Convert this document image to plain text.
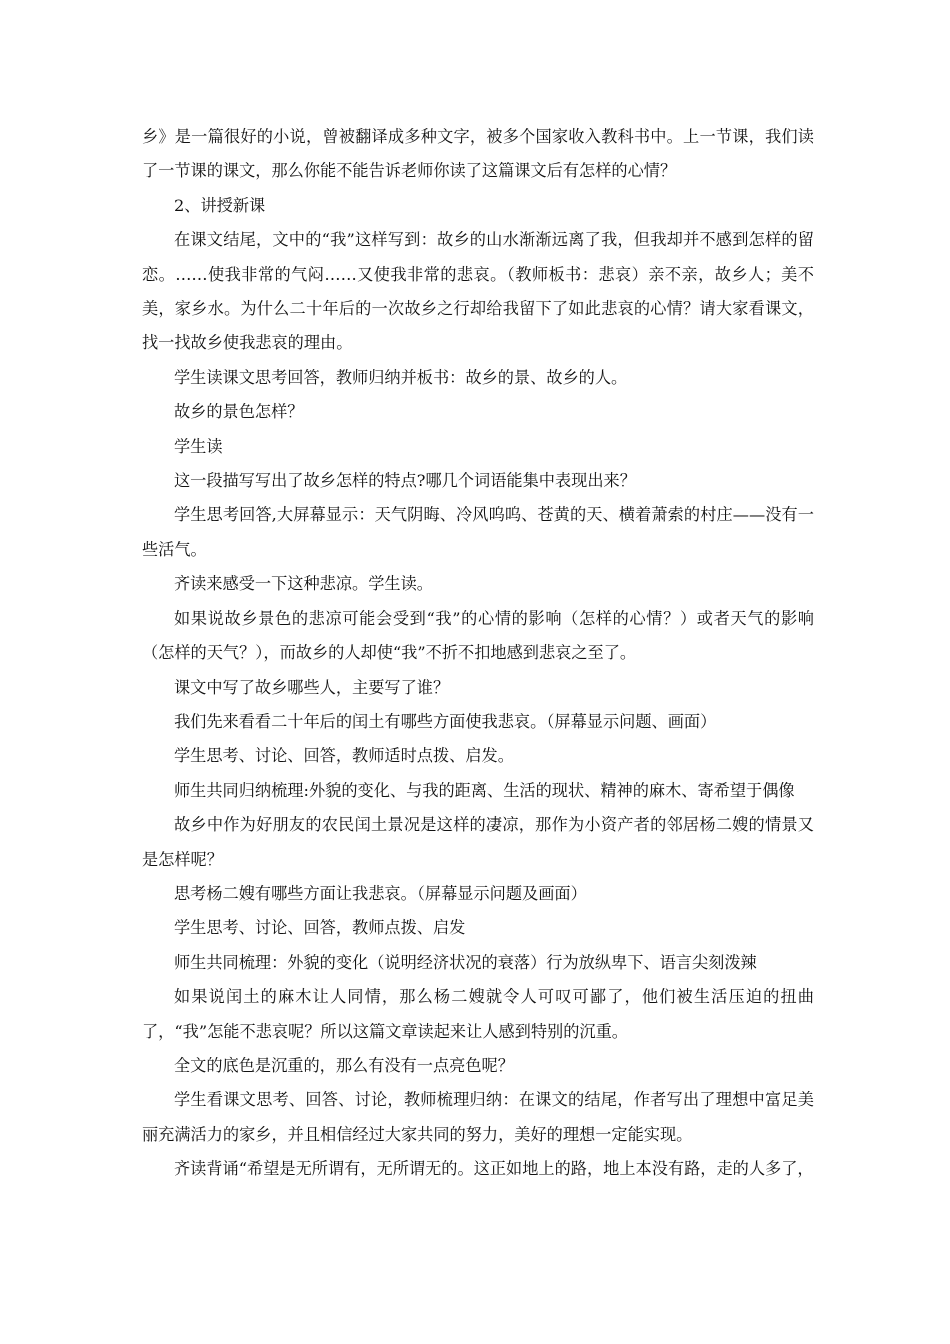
乡》是一篇很好的小说，曾被翻译成多种文字，被多个国家收入教科书中。上一节课，我们读了一节课的课文，那么你能不能告诉老师你读了这篇课文后有怎样的心情？

2、讲授新课

在课文结尾，文中的“我”这样写到：故乡的山水渐渐远离了我，但我却并不感到怎样的留恋。……使我非常的气闷……又使我非常的悲哀。（教师板书：悲哀）亲不亲，故乡人；美不美，家乡水。为什么二十年后的一次故乡之行却给我留下了如此悲哀的心情？请大家看课文，找一找故乡使我悲哀的理由。

学生读课文思考回答，教师归纳并板书：故乡的景、故乡的人。

故乡的景色怎样？

学生读

这一段描写写出了故乡怎样的特点?哪几个词语能集中表现出来？

学生思考回答,大屏幕显示：天气阴晦、冷风呜呜、苍黄的天、横着萧索的村庄——没有一些活气。

齐读来感受一下这种悲凉。学生读。

如果说故乡景色的悲凉可能会受到“我”的心情的影响（怎样的心情？）或者天气的影响（怎样的天气？），而故乡的人却使“我”不折不扣地感到悲哀之至了。

课文中写了故乡哪些人，主要写了谁？

我们先来看看二十年后的闰土有哪些方面使我悲哀。（屏幕显示问题、画面）

学生思考、讨论、回答，教师适时点拨、启发。

师生共同归纳梳理:外貌的变化、与我的距离、生活的现状、精神的麻木、寄希望于偶像

故乡中作为好朋友的农民闰土景况是这样的凄凉，那作为小资产者的邻居杨二嫂的情景又是怎样呢？

思考杨二嫂有哪些方面让我悲哀。（屏幕显示问题及画面）

学生思考、讨论、回答，教师点拨、启发

师生共同梳理：外貌的变化（说明经济状况的衰落）行为放纵卑下、语言尖刻泼辣

如果说闰土的麻木让人同情，那么杨二嫂就令人可叹可鄙了，他们被生活压迫的扭曲了，“我”怎能不悲哀呢？所以这篇文章读起来让人感到特别的沉重。

全文的底色是沉重的，那么有没有一点亮色呢？

学生看课文思考、回答、讨论，教师梳理归纳：在课文的结尾，作者写出了理想中富足美丽充满活力的家乡，并且相信经过大家共同的努力，美好的理想一定能实现。

齐读背诵“希望是无所谓有，无所谓无的。这正如地上的路，地上本没有路，走的人多了，
